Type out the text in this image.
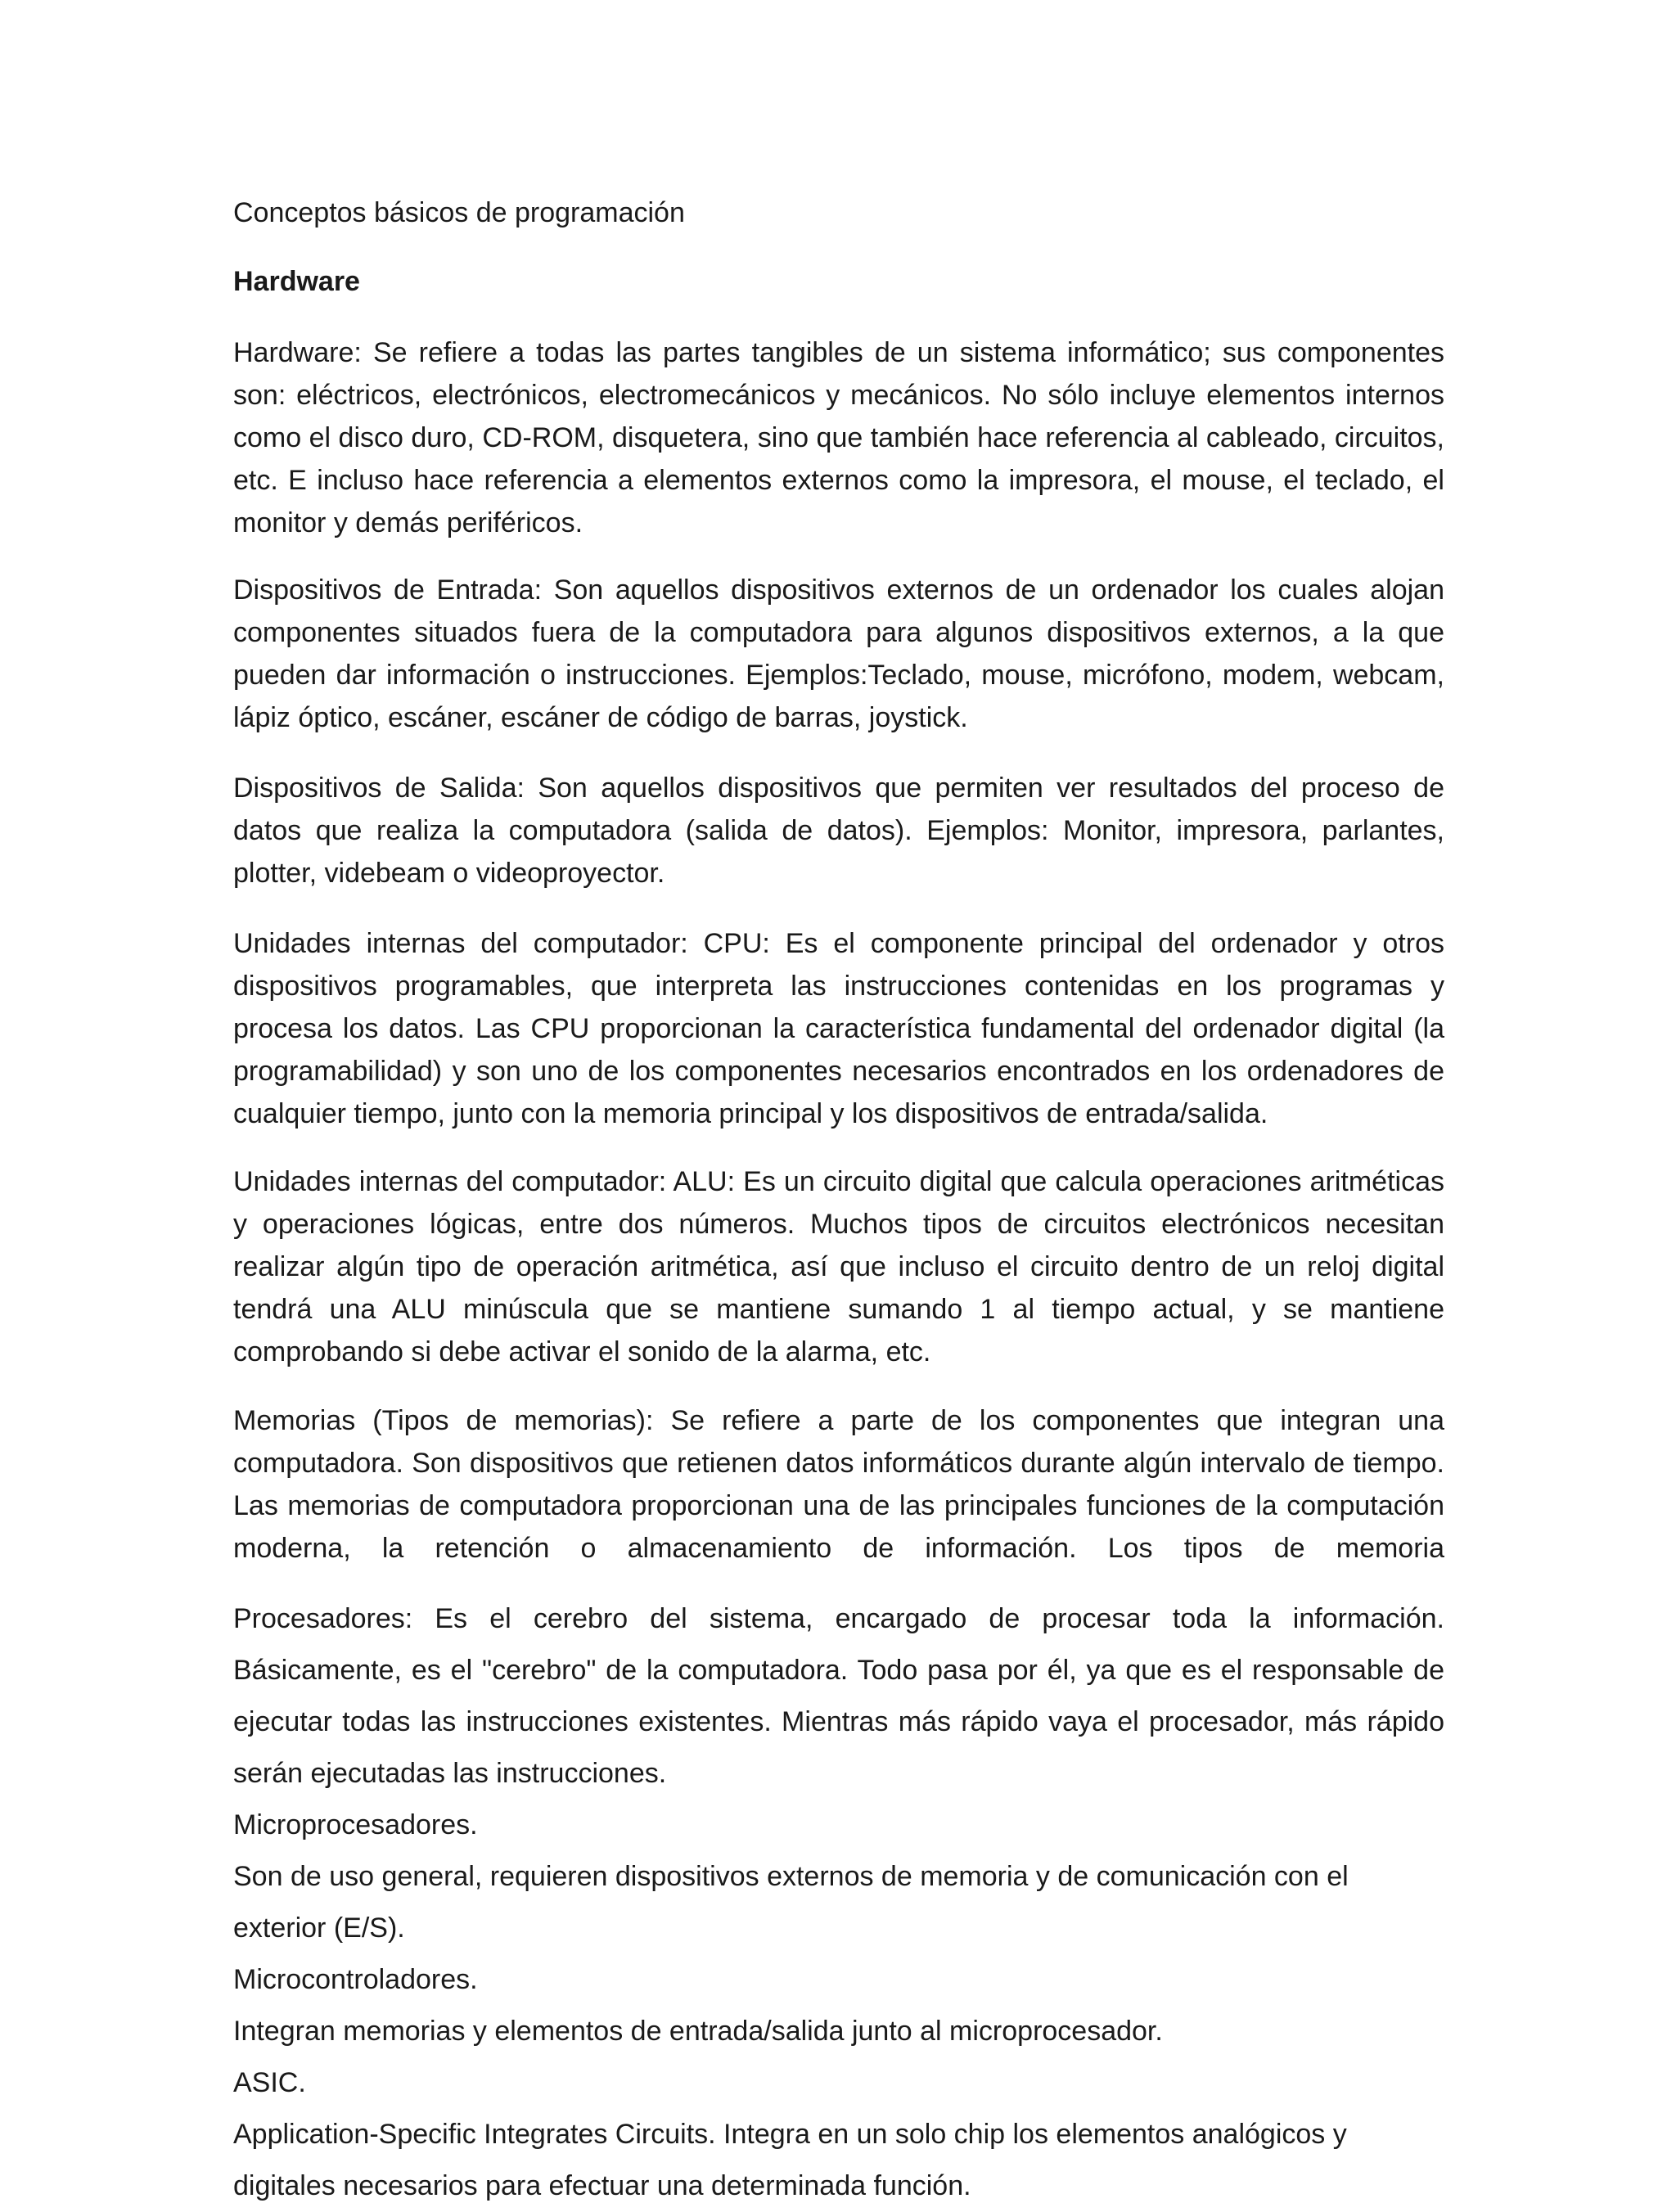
Conceptos básicos de programación
Hardware

Hardware: Se refiere a todas las partes tangibles de un sistema informático; sus componentes son: eléctricos, electrónicos, electromecánicos y mecánicos. No sólo incluye elementos internos como el disco duro, CD-ROM, disquetera, sino que también hace referencia al cableado, circuitos, etc. E incluso hace referencia a elementos externos como la impresora, el mouse, el teclado, el monitor y demás periféricos.

Dispositivos de Entrada: Son aquellos dispositivos externos de un ordenador los cuales alojan componentes situados fuera de la computadora para algunos dispositivos externos, a la que pueden dar información o instrucciones. Ejemplos:Teclado, mouse, micrófono, modem, webcam, lápiz óptico, escáner, escáner de código de barras, joystick.

Dispositivos de Salida: Son aquellos dispositivos que permiten ver resultados del proceso de datos que realiza la computadora (salida de datos). Ejemplos: Monitor, impresora, parlantes, plotter, videbeam o videoproyector.

Unidades internas del computador: CPU: Es el componente principal del ordenador y otros dispositivos programables, que interpreta las instrucciones contenidas en los programas y procesa los datos. Las CPU proporcionan la característica fundamental del ordenador digital (la programabilidad) y son uno de los componentes necesarios encontrados en los ordenadores de cualquier tiempo, junto con la memoria principal y los dispositivos de entrada/salida.

Unidades internas del computador: ALU: Es un circuito digital que calcula operaciones aritméticas y operaciones lógicas, entre dos números. Muchos tipos de circuitos electrónicos necesitan realizar algún tipo de operación aritmética, así que incluso el circuito dentro de un reloj digital tendrá una ALU minúscula que se mantiene sumando 1 al tiempo actual, y se mantiene comprobando si debe activar el sonido de la alarma, etc.

Memorias (Tipos de memorias): Se refiere a parte de los componentes que integran una computadora. Son dispositivos que retienen datos informáticos durante algún intervalo de tiempo. Las memorias de computadora proporcionan una de las principales funciones de la computación moderna, la retención o almacenamiento de información. Los tipos de memoria

Procesadores: Es el cerebro del sistema, encargado de procesar toda la información. Básicamente, es el "cerebro" de la computadora. Todo pasa por él, ya que es el responsable de ejecutar todas las instrucciones existentes. Mientras más rápido vaya el procesador, más rápido serán ejecutadas las instrucciones.
Microprocesadores.
Son de uso general, requieren dispositivos externos de memoria y de comunicación con el exterior (E/S).
Microcontroladores.
Integran memorias y elementos de entrada/salida junto al microprocesador.
ASIC.
Application-Specific Integrates Circuits. Integra en un solo chip los elementos analógicos y digitales necesarios para efectuar una determinada función.
